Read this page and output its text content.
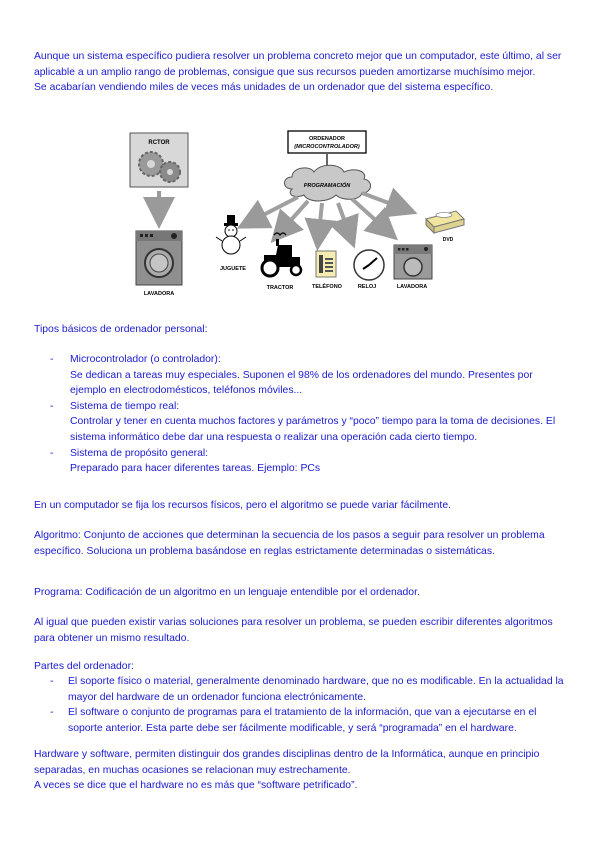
Aunque un sistema específico pudiera resolver un problema concreto mejor que un computador, este último, al ser aplicable a un amplio rango de problemas, consigue que sus recursos pueden amortizarse muchísimo mejor.

Se acabarían vendiendo miles de veces más unidades de un ordenador que del sistema específico.

RCTOR
LAVADORA
ORDENADOR
(MICROCONTROLADOR)
PROGRAMACIÓN
JUGUETE
TRACTOR	TELÉFONO	RELOJ	LAVADORA
DVD

Tipos básicos de ordenador personal:

- Microcontrolador (o controlador):
Se dedican a tareas muy especiales. Suponen el 98% de los ordenadores del mundo. Presentes por ejemplo en electrodomésticos, teléfonos móviles...
- Sistema de tiempo real:
Controlar y tener en cuenta muchos factores y parámetros y “poco” tiempo para la toma de decisiones. El sistema informático debe dar una respuesta o realizar una operación cada cierto tiempo.
- Sistema de propósito general:
Preparado para hacer diferentes tareas. Ejemplo: PCs

En un computador se fija los recursos físicos, pero el algoritmo se puede variar fácilmente.

Algoritmo: Conjunto de acciones que determinan la secuencia de los pasos a seguir para resolver un problema específico. Soluciona un problema basándose en reglas estrictamente determinadas o sistemáticas.

Programa: Codificación de un algoritmo en un lenguaje entendible por el ordenador.

Al igual que pueden existir varias soluciones para resolver un problema, se pueden escribir diferentes algoritmos para obtener un mismo resultado.

Partes del ordenador:

- El soporte físico o material, generalmente denominado hardware, que no es modificable. En la actualidad la mayor del hardware de un ordenador funciona electrónicamente.
- El software o conjunto de programas para el tratamiento de la información, que van a ejecutarse en el soporte anterior. Esta parte debe ser fácilmente modificable, y será “programada” en el hardware.

Hardware y software, permiten distinguir dos grandes disciplinas dentro de la Informática, aunque en principio separadas, en muchas ocasiones se relacionan muy estrechamente.

A veces se dice que el hardware no es más que “software petrificado”.
